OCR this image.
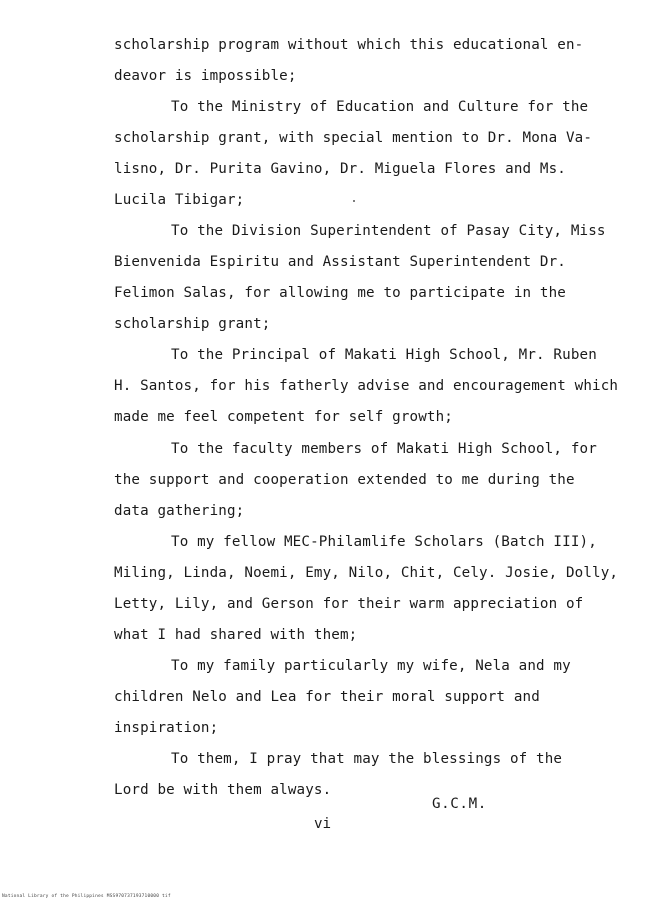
scholarship program without which this educational en-
deavor is impossible;
To the Ministry of Education and Culture for the
scholarship grant, with special mention to Dr. Mona Va-
lisno, Dr. Purita Gavino, Dr. Miguela Flores and Ms.
Lucila Tibigar;
To the Division Superintendent of Pasay City, Miss
Bienvenida Espiritu and Assistant Superintendent Dr.
Felimon Salas, for allowing me to participate in the
scholarship grant;
To the Principal of Makati High School, Mr. Ruben
H. Santos, for his fatherly advise and encouragement which
made me feel competent for self growth;
To the faculty members of Makati High School, for
the support and cooperation extended to me during the
data gathering;
To my fellow MEC-Philamlife Scholars (Batch III),
Miling, Linda, Noemi, Emy, Nilo, Chit, Cely. Josie, Dolly,
Letty, Lily, and Gerson for their warm appreciation of
what I had shared with them;
To my family particularly my wife, Nela and my
children Nelo and Lea for their moral support and
inspiration;
To them, I pray that may the blessings of the
Lord be with them always.
G.C.M.
vi
National Library of the Philippines MSS970737193710000 tif
